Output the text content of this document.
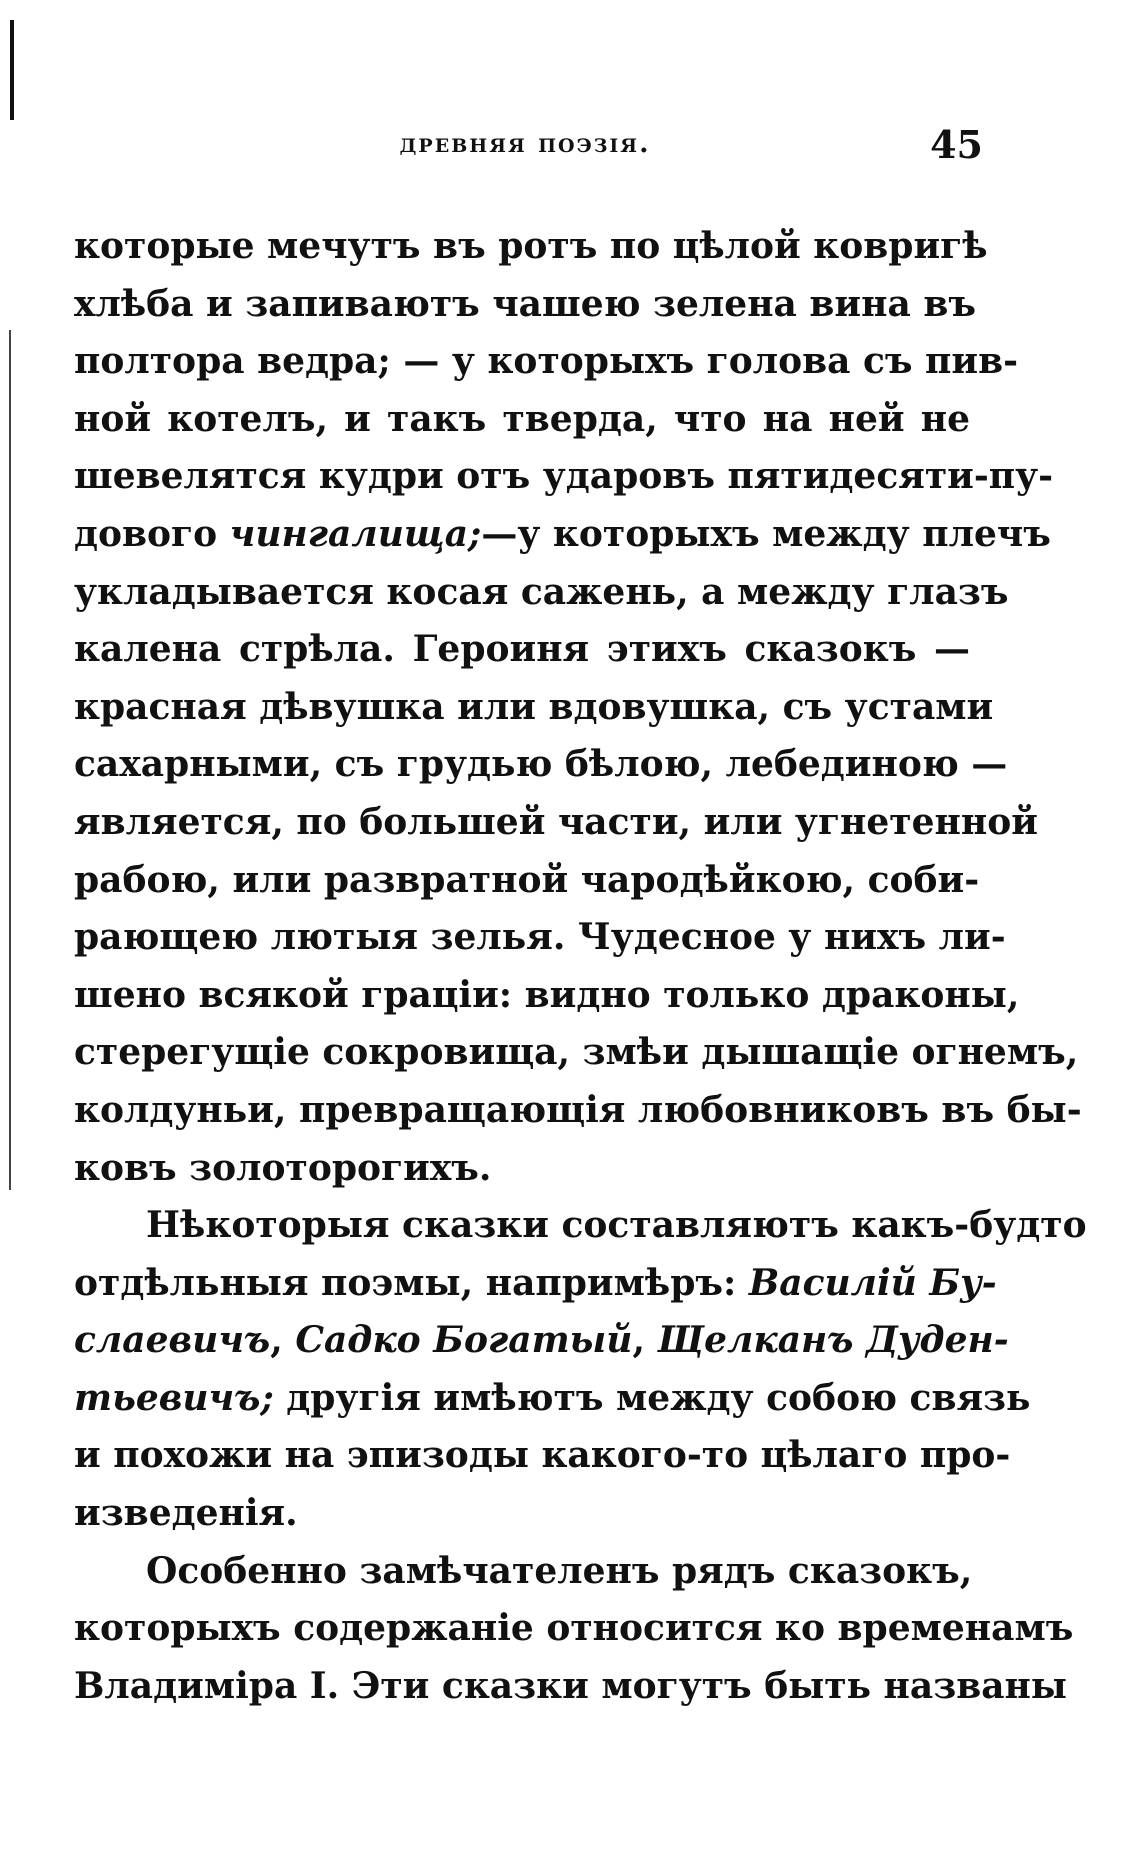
древняя поэзія.	45
которые мечутъ въ ротъ по цѣлой ковригѣ
хлѣба и запиваютъ чашею зелена вина въ
полтора ведра; — у которыхъ голова съ пив-
ной котелъ, и такъ тверда, что на ней не
шевелятся кудри отъ ударовъ пятидесяти-пу-
дового чингалища;—у которыхъ между плечъ
укладывается косая сажень, а между глазъ
калена стрѣла. Героиня этихъ сказокъ —
красная дѣвушка или вдовушка, съ устами
сахарными, съ грудью бѣлою, лебединою —
является, по большей части, или угнетенной
рабою, или развратной чародѣйкою, соби-
рающею лютыя зелья. Чудесное у нихъ ли-
шено всякой граціи: видно только драконы,
стерегущіе сокровища, змѣи дышащіе огнемъ,
колдуньи, превращающія любовниковъ въ бы-
ковъ золоторогихъ.
Нѣкоторыя сказки составляютъ какъ-будто
отдѣльныя поэмы, напримѣръ: Василій Бу-
слаевичъ, Садко Богатый, Щелканъ Дуден-
тьевичъ; другія имѣютъ между собою связь
и похожи на эпизоды какого-то цѣлаго про-
изведенія.
Особенно замѣчателенъ рядъ сказокъ,
которыхъ содержаніе относится ко временамъ
Владиміра I. Эти сказки могутъ быть названы
